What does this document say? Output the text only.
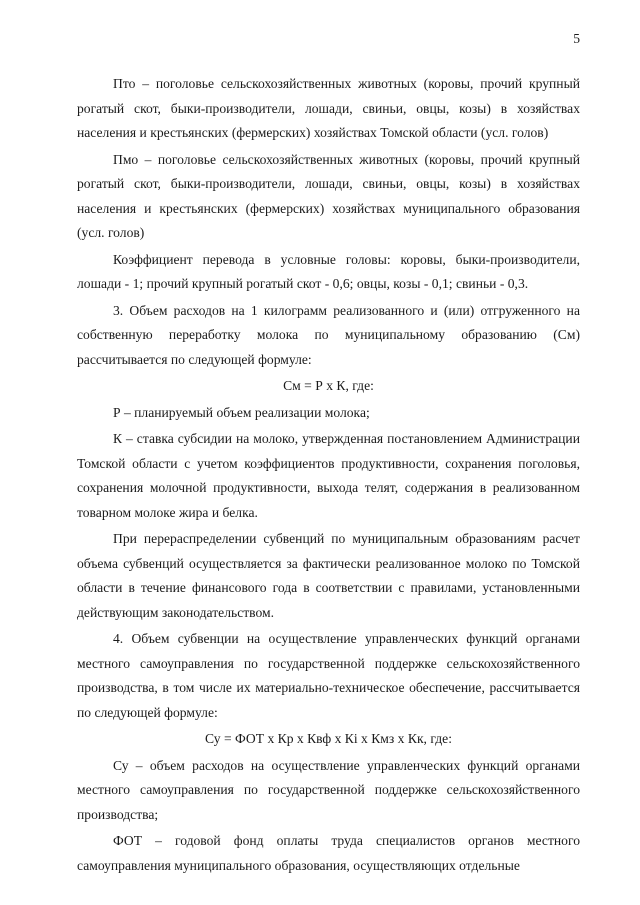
5

Пто – поголовье сельскохозяйственных животных (коровы, прочий крупный рогатый скот, быки-производители, лошади, свиньи, овцы, козы) в хозяйствах населения и крестьянских (фермерских) хозяйствах Томской области (усл. голов)

Пмо – поголовье сельскохозяйственных животных (коровы, прочий крупный рогатый скот, быки-производители, лошади, свиньи, овцы, козы) в хозяйствах населения и крестьянских (фермерских) хозяйствах муниципального образования (усл. голов)

Коэффициент перевода в условные головы: коровы, быки-производители, лошади - 1; прочий крупный рогатый скот - 0,6; овцы, козы - 0,1; свиньи - 0,3.

3. Объем расходов на 1 килограмм реализованного и (или) отгруженного на собственную переработку молока по муниципальному образованию (См) рассчитывается по следующей формуле:

См = Р х К, где:

Р – планируемый объем реализации молока;

К – ставка субсидии на молоко, утвержденная постановлением Администрации Томской области с учетом коэффициентов продуктивности, сохранения поголовья, сохранения молочной продуктивности, выхода телят, содержания в реализованном товарном молоке жира и белка.

При перераспределении субвенций по муниципальным образованиям расчет объема субвенций осуществляется за фактически реализованное молоко по Томской области в течение финансового года в соответствии с правилами, установленными действующим законодательством.

4. Объем субвенции на осуществление управленческих функций органами местного самоуправления по государственной поддержке сельскохозяйственного производства, в том числе их материально-техническое обеспечение, рассчитывается по следующей формуле:

Су = ФОТ х Кр х Квф х Кi х Кмз х Кк, где:

Су – объем расходов на осуществление управленческих функций органами местного самоуправления по государственной поддержке сельскохозяйственного производства;

ФОТ – годовой фонд оплаты труда специалистов органов местного самоуправления муниципального образования, осуществляющих отдельные
